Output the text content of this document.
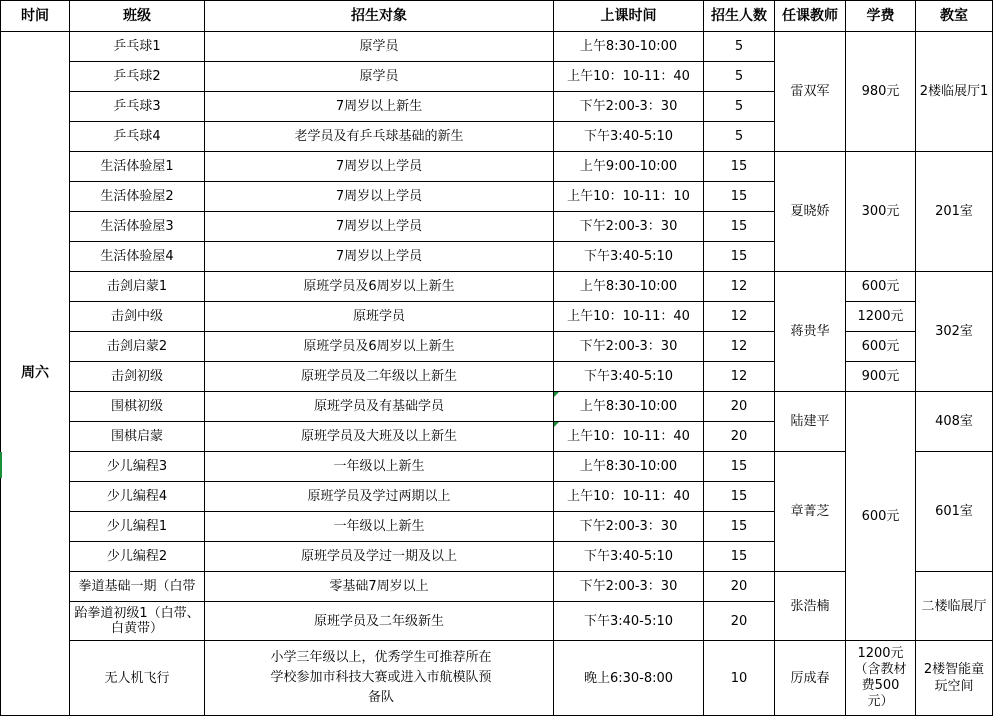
时间	班级	招生对象	上课时间	招生人数	任课教师	学费	教室
周六	乒乓球1	原学员	上午8:30-10:00	5	雷双军	980元	2楼临展厅1
	乒乓球2	原学员	上午10：10-11：40	5			
	乒乓球3	7周岁以上新生	下午2:00-3：30	5			
	乒乓球4	老学员及有乒乓球基础的新生	下午3:40-5:10	5			
	生活体验屋1	7周岁以上学员	上午9:00-10:00	15	夏晓娇	300元	201室
	生活体验屋2	7周岁以上学员	上午10：10-11：10	15			
	生活体验屋3	7周岁以上学员	下午2:00-3：30	15			
	生活体验屋4	7周岁以上学员	下午3:40-5:10	15			
	击剑启蒙1	原班学员及6周岁以上新生	上午8:30-10:00	12	蒋贵华	600元	302室
	击剑中级	原班学员	上午10：10-11：40	12		1200元	
	击剑启蒙2	原班学员及6周岁以上新生	下午2:00-3：30	12		600元	
	击剑初级	原班学员及二年级以上新生	下午3:40-5:10	12		900元	
	围棋初级	原班学员及有基础学员	上午8:30-10:00	20	陆建平	600元	408室
	围棋启蒙	原班学员及大班及以上新生	上午10：10-11：40	20			
	少儿编程3	一年级以上新生	上午8:30-10:00	15	章菁芝		601室
	少儿编程4	原班学员及学过两期以上	上午10：10-11：40	15			
	少儿编程1	一年级以上新生	下午2:00-3：30	15			
	少儿编程2	原班学员及学过一期及以上	下午3:40-5:10	15			
	拳道基础一期（白带	零基础7周岁以上	下午2:00-3：30	20	张浩楠		二楼临展厅
	跆拳道初级1（白带、白黄带）	原班学员及二年级新生	下午3:40-5:10	20			
	无人机飞行	小学三年级以上，优秀学生可推荐所在学校参加市科技大赛或进入市航模队预备队	晚上6:30-8:00	10	厉成春	1200元（含教材费500元）	2楼智能童玩空间
